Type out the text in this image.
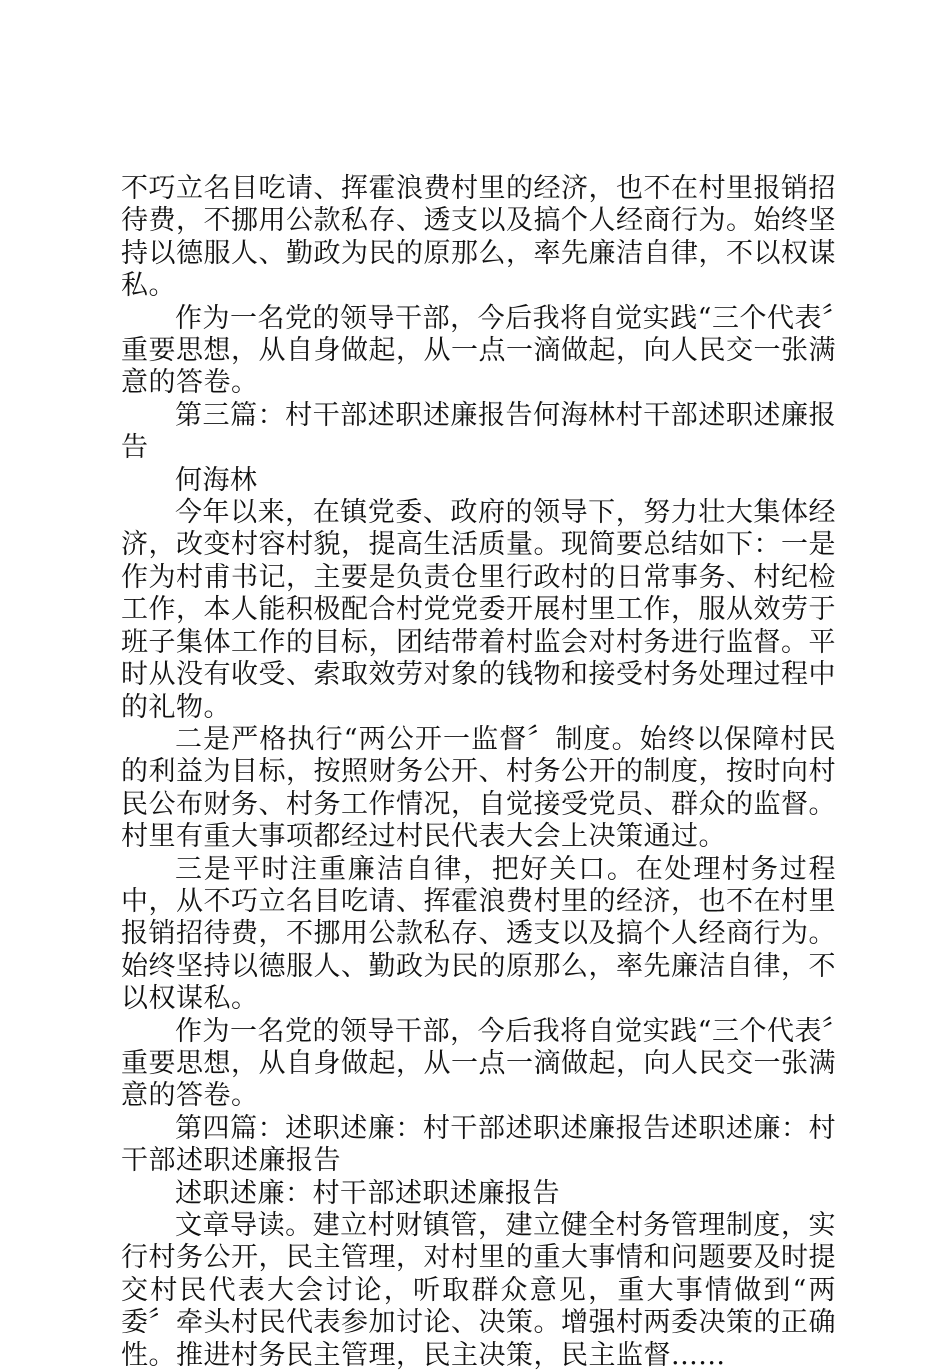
不巧立名目吃请、挥霍浪费村里的经济，也不在村里报销招待费，不挪用公款私存、透支以及搞个人经商行为。始终坚持以德服人、勤政为民的原那么，率先廉洁自律，不以权谋私。

作为一名党的领导干部，今后我将自觉实践“三个代表〞重要思想，从自身做起，从一点一滴做起，向人民交一张满意的答卷。

第三篇：村干部述职述廉报告何海林村干部述职述廉报告

何海林

今年以来，在镇党委、政府的领导下，努力壮大集体经济，改变村容村貌，提高生活质量。现简要总结如下：一是作为村甫书记，主要是负责仓里行政村的日常事务、村纪检工作，本人能积极配合村党党委开展村里工作，服从效劳于班子集体工作的目标，团结带着村监会对村务进行监督。平时从没有收受、索取效劳对象的钱物和接受村务处理过程中的礼物。

二是严格执行“两公开一监督〞制度。始终以保障村民的利益为目标，按照财务公开、村务公开的制度，按时向村民公布财务、村务工作情况，自觉接受党员、群众的监督。村里有重大事项都经过村民代表大会上决策通过。

三是平时注重廉洁自律，把好关口。在处理村务过程中，从不巧立名目吃请、挥霍浪费村里的经济，也不在村里报销招待费，不挪用公款私存、透支以及搞个人经商行为。始终坚持以德服人、勤政为民的原那么，率先廉洁自律，不以权谋私。

作为一名党的领导干部，今后我将自觉实践“三个代表〞重要思想，从自身做起，从一点一滴做起，向人民交一张满意的答卷。

第四篇：述职述廉：村干部述职述廉报告述职述廉：村干部述职述廉报告

述职述廉：村干部述职述廉报告

文章导读。建立村财镇管，建立健全村务管理制度，实行村务公开，民主管理，对村里的重大事情和问题要及时提交村民代表大会讨论，听取群众意见，重大事情做到“两委〞牵头村民代表参加讨论、决策。增强村两委决策的正确性。推进村务民主管理，民主决策，民主监督......
